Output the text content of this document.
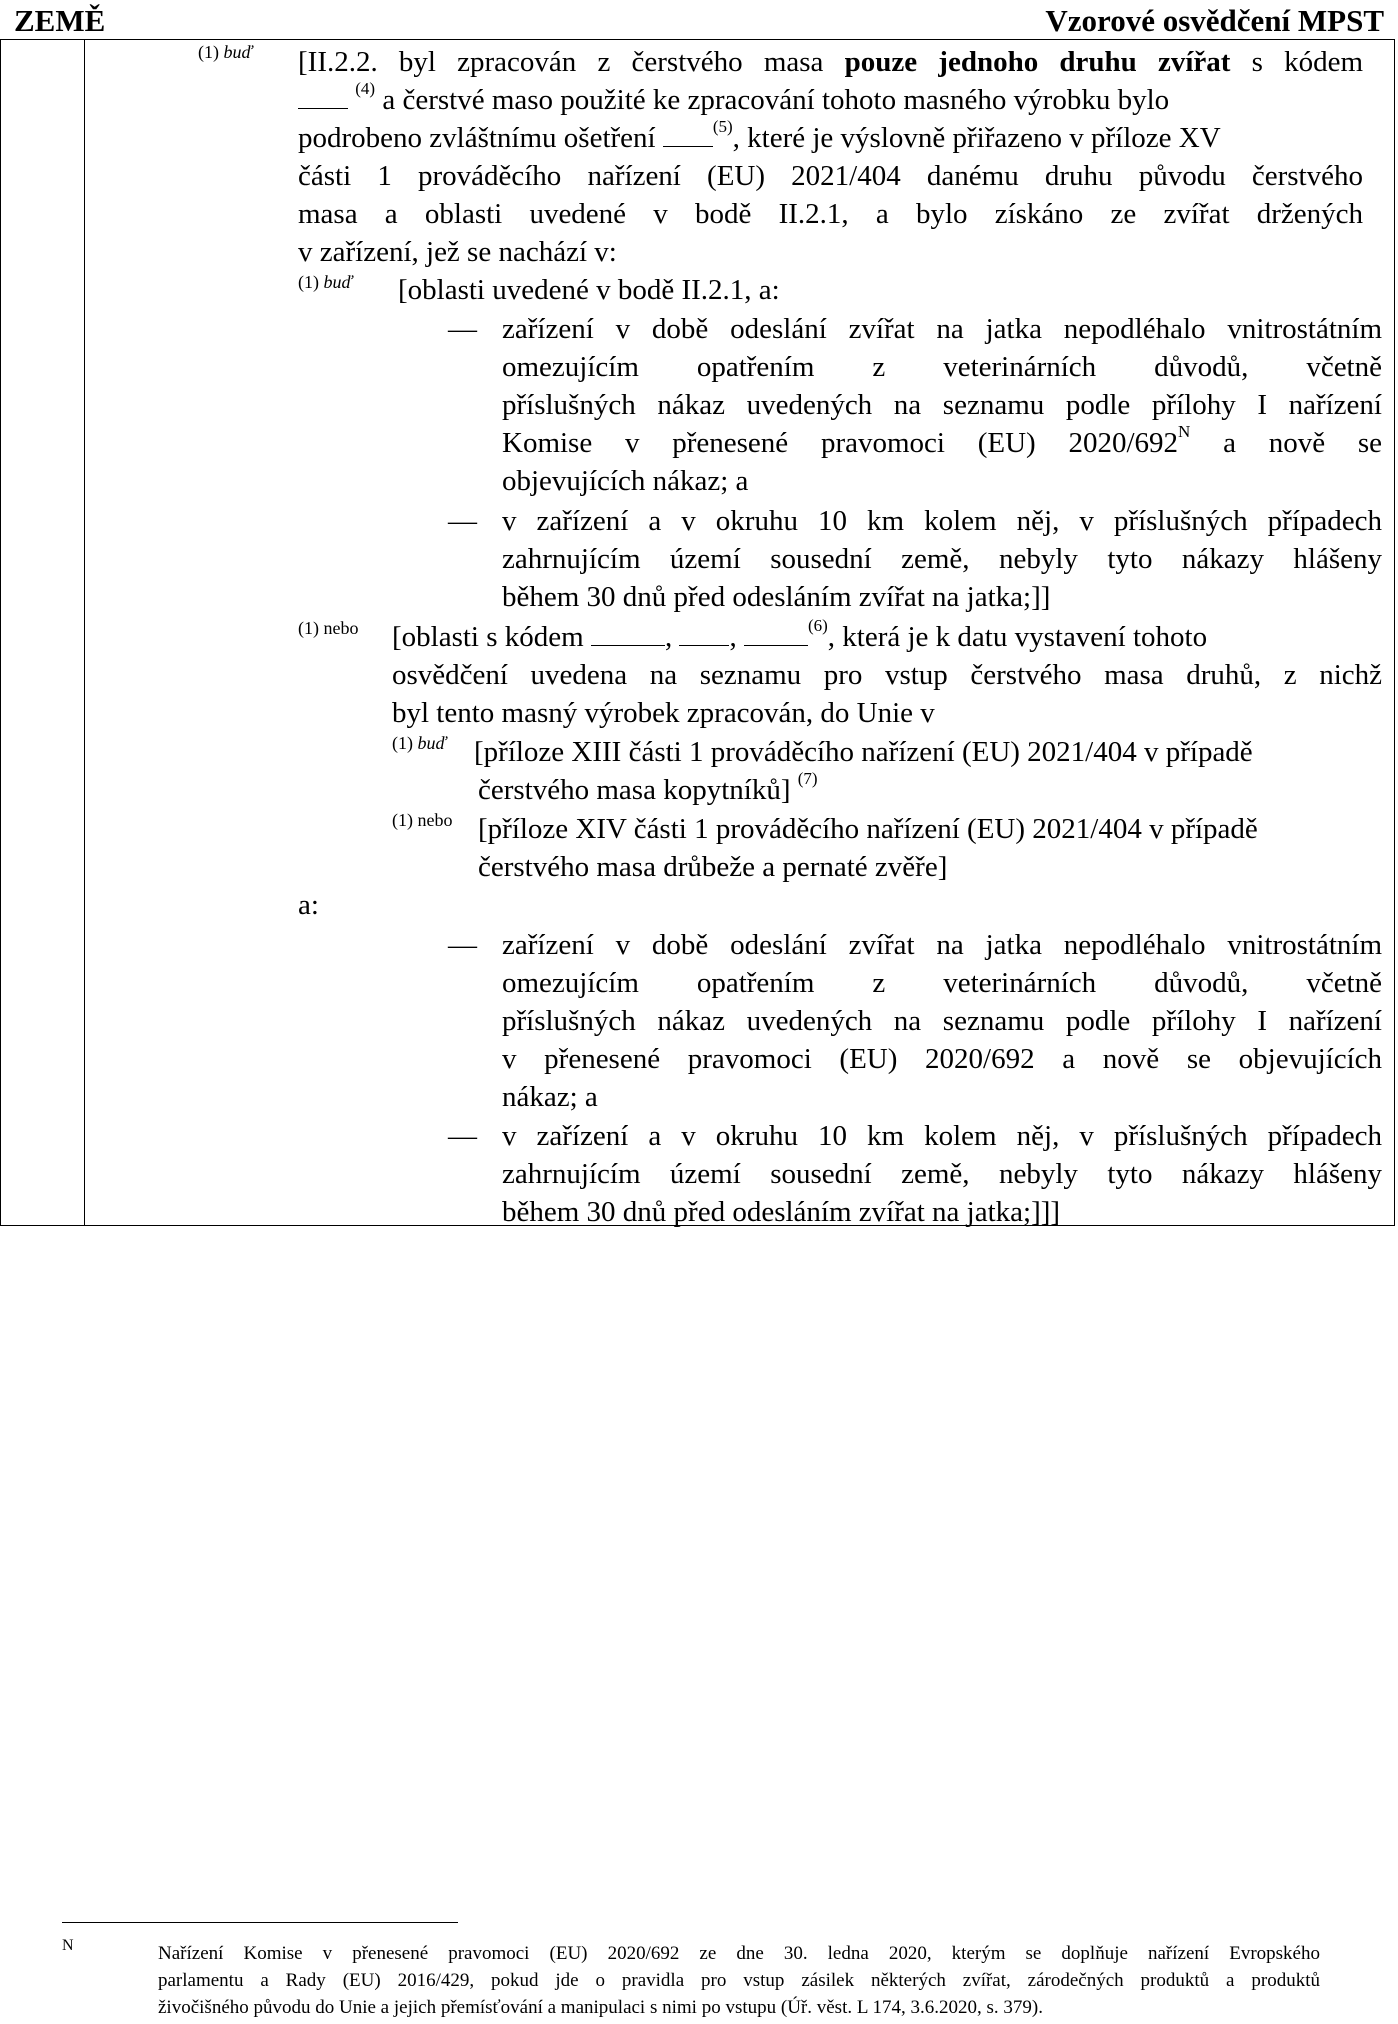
ZEMĚ	Vzorové osvědčení MPST
(1) buď [II.2.2. byl zpracován z čerstvého masa pouze jednoho druhu zvířat s kódem
$^{(4)}$ a čerstvé maso použité ke zpracování tohoto masného výrobku bylo
podrobeno zvláštnímu ošetření	$^{(5)}$, které je výslovně přiřazeno v příloze XV
části 1 prováděcího nařízení (EU) 2021/404 danému druhu původu čerstvého
masa a oblasti uvedené v bodě II.2.1, a bylo získáno ze zvířat držených
v zařízení, jež se nachází v:
(1) buď [oblasti uvedené v bodě II.2.1, a:
— zařízení v době odeslání zvířat na jatka nepodléhalo vnitrostátním
omezujícím opatřením z veterinárních důvodů, včetně
příslušných nákaz uvedených na seznamu podle přílohy I nařízení
Komise v přenesené pravomoci (EU) $2020/692^N$ a nově se
objevujících nákaz; a
— v zařízení a v okruhu 10 km kolem něj, v příslušných případech
zahrnujícím území sousední země, nebyly tyto nákazy hlášeny
během 30 dnů před odesláním zvířat na jatka;]]
(1) nebo [oblasti s kódem	, ,	$^{(6)}$, která je k datu vystavení tohoto
osvědčení uvedena na seznamu pro vstup čerstvého masa druhů, z nichž
byl tento masný výrobek zpracován, do Unie v
(1) buď [příloze XIII části 1 prováděcího nařízení (EU) 2021/404 v případě
čerstvého masa kopytníků] $^{(7)}$
(1) nebo [příloze XIV části 1 prováděcího nařízení (EU) 2021/404 v případě
čerstvého masa drůbeže a pernaté zvěře]
a:
— zařízení v době odeslání zvířat na jatka nepodléhalo vnitrostátním
omezujícím opatřením z veterinárních důvodů, včetně
příslušných nákaz uvedených na seznamu podle přílohy I nařízení
v přenesené pravomoci (EU) 2020/692 a nově se objevujících
nákaz; a
— v zařízení a v okruhu 10 km kolem něj, v příslušných případech
zahrnujícím území sousední země, nebyly tyto nákazy hlášeny
během 30 dnů před odesláním zvířat na jatka;]]]
N	Nařízení Komise v přenesené pravomoci (EU) 2020/692 ze dne 30. ledna 2020, kterým se doplňuje nařízení Evropského
parlamentu a Rady (EU) 2016/429, pokud jde o pravidla pro vstup zásilek některých zvířat, zárodečných produktů a produktů
živočišného původu do Unie a jejich přemísťování a manipulaci s nimi po vstupu (Úř. věst. L 174, 3.6.2020, s. 379).
